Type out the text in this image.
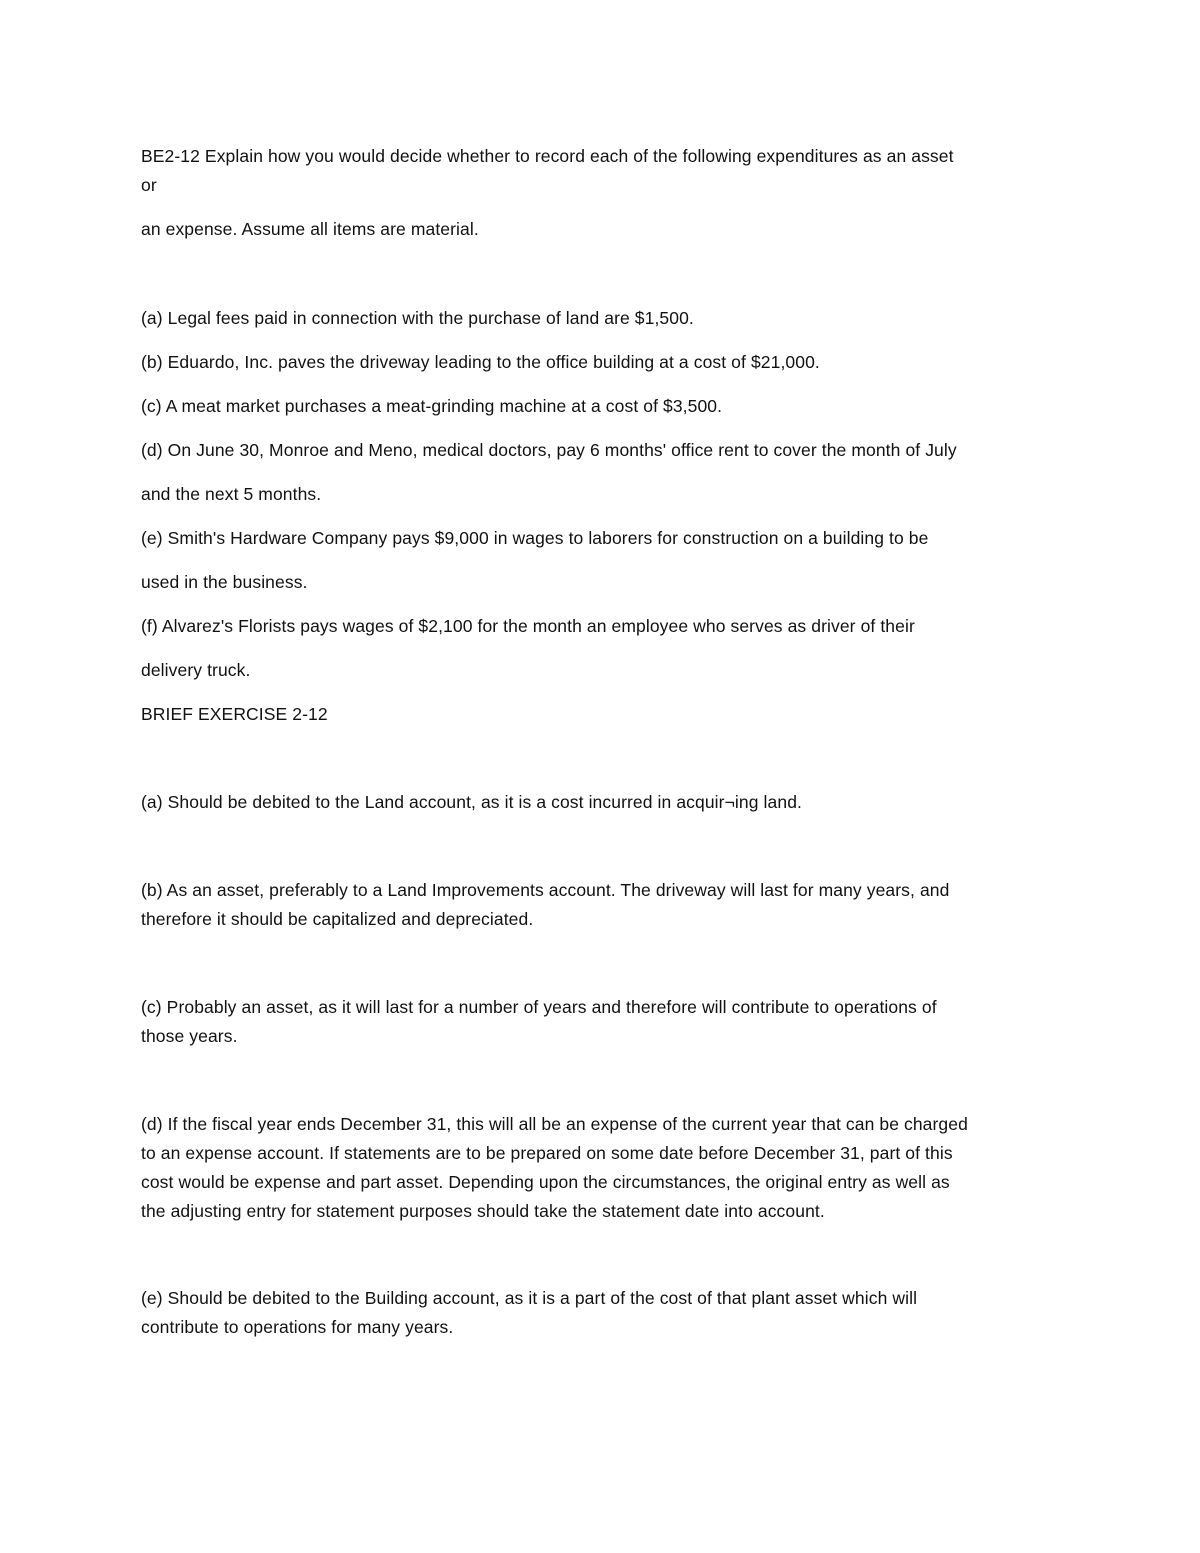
BE2-12 Explain how you would decide whether to record each of the following expenditures as an asset
or
an expense. Assume all items are material.
(a) Legal fees paid in connection with the purchase of land are $1,500.
(b) Eduardo, Inc. paves the driveway leading to the office building at a cost of $21,000.
(c) A meat market purchases a meat-grinding machine at a cost of $3,500.
(d) On June 30, Monroe and Meno, medical doctors, pay 6 months' office rent to cover the month of July
and the next 5 months.
(e) Smith's Hardware Company pays $9,000 in wages to laborers for construction on a building to be
used in the business.
(f) Alvarez's Florists pays wages of $2,100 for the month an employee who serves as driver of their
delivery truck.
BRIEF EXERCISE 2-12
(a) Should be debited to the Land account, as it is a cost incurred in acquir¬ing land.
(b) As an asset, preferably to a Land Improvements account. The driveway will last for many years, and
therefore it should be capitalized and depreciated.
(c) Probably an asset, as it will last for a number of years and therefore will contribute to operations of
those years.
(d) If the fiscal year ends December 31, this will all be an expense of the current year that can be charged
to an expense account. If statements are to be prepared on some date before December 31, part of this
cost would be expense and part asset. Depending upon the circumstances, the original entry as well as
the adjusting entry for statement purposes should take the statement date into account.
(e) Should be debited to the Building account, as it is a part of the cost of that plant asset which will
contribute to operations for many years.
